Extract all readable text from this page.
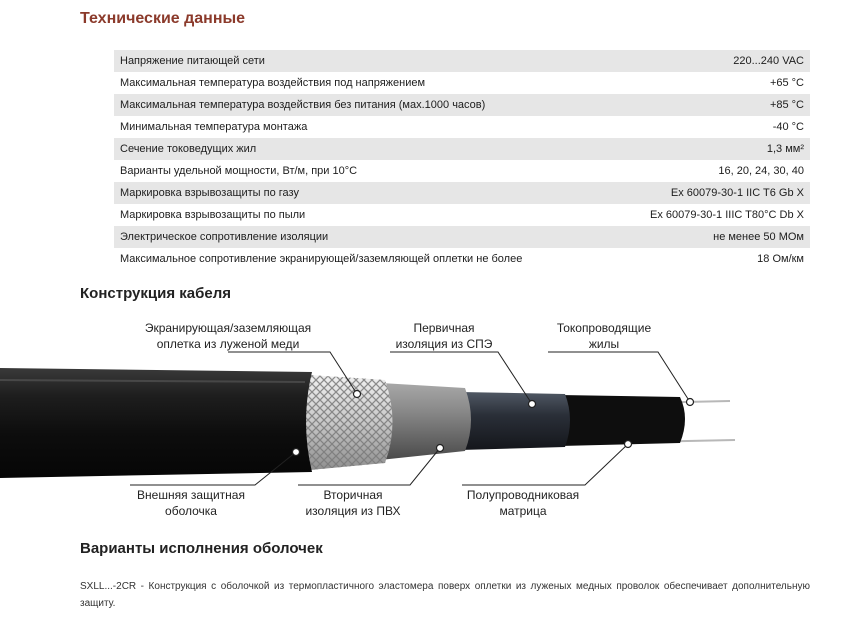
Технические данные
Напряжение питающей сети	220...240 VAC
Максимальная температура воздействия под напряжением	+65 °C
Максимальная температура воздействия без питания (мах.1000 часов)	+85 °C
Минимальная температура монтажа	-40 °C
Сечение токоведущих жил	1,3 мм²
Варианты удельной мощности, Вт/м, при 10°С	16, 20, 24, 30, 40
Маркировка взрывозащиты по газу	Ex 60079-30-1 IIC T6 Gb X
Маркировка взрывозащиты по пыли	Ex 60079-30-1 IIIC T80°C Db X
Электрическое сопротивление изоляции	не менее 50 МОм
Максимальное сопротивление экранирующей/заземляющей оплетки не более	18 Ом/км
Конструкция кабеля
Экранирующая/заземляющая
оплетка из луженой меди
Первичная
изоляция из СПЭ
Токопроводящие
жилы
Внешняя защитная
оболочка
Вторичная
изоляция из ПВХ
Полупроводниковая
матрица
Варианты исполнения оболочек

SXLL...-2CR - Конструкция с оболочкой из термопластичного эластомера поверх оплетки из луженых медных проволок обеспечивает дополнительную защиту.
